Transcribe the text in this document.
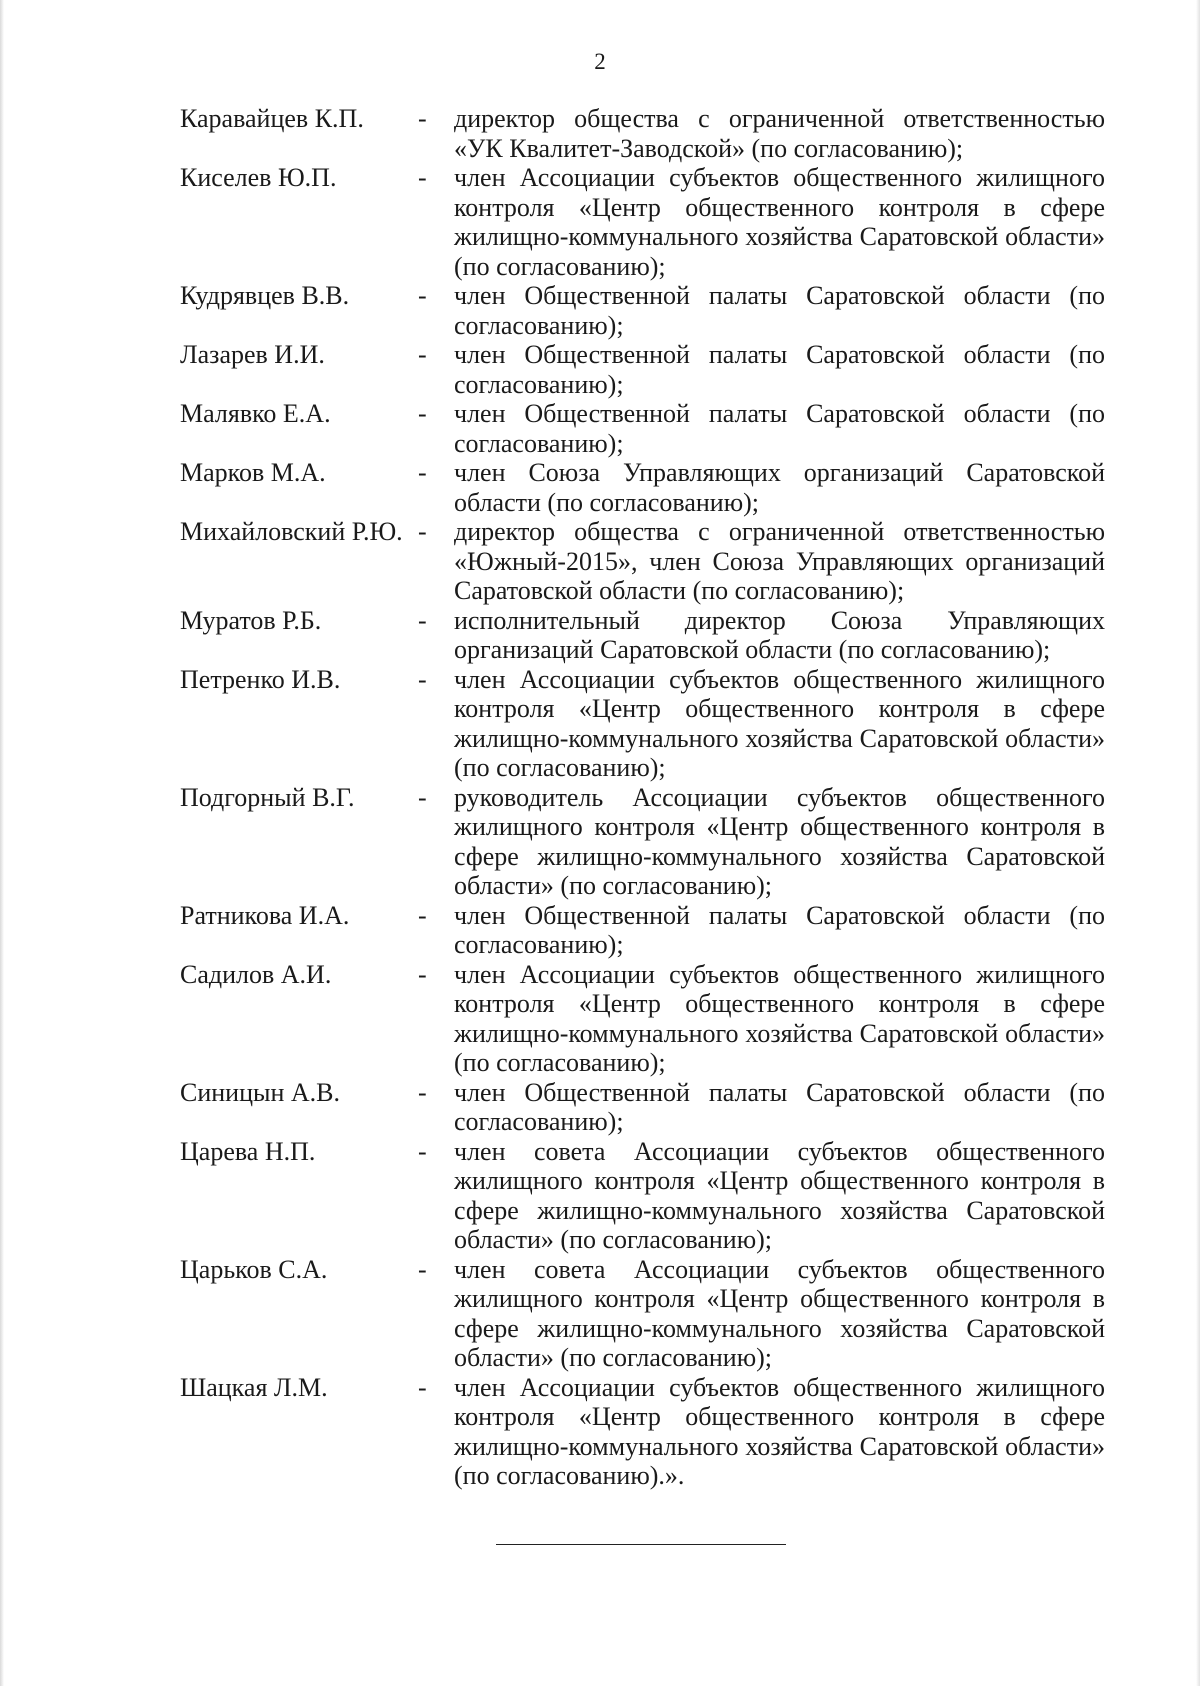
2
Каравайцев К.П.	-	директор общества с ограниченной ответственностью «УК Квалитет-Заводской» (по согласованию);
Киселев Ю.П.	-	член Ассоциации субъектов общественного жилищного контроля «Центр общественного контроля в сфере жилищно-коммунального хозяйства Саратовской области» (по согласованию);
Кудрявцев В.В.	-	член Общественной палаты Саратовской области (по согласованию);
Лазарев И.И.	-	член Общественной палаты Саратовской области (по согласованию);
Малявко Е.А.	-	член Общественной палаты Саратовской области (по согласованию);
Марков М.А.	-	член Союза Управляющих организаций Саратовской области (по согласованию);
Михайловский Р.Ю. -	директор общества с ограниченной ответственностью «Южный-2015», член Союза Управляющих организаций Саратовской области (по согласованию);
Муратов Р.Б.	-	исполнительный директор Союза Управляющих организаций Саратовской области (по согласованию);
Петренко И.В.	-	член Ассоциации субъектов общественного жилищного контроля «Центр общественного контроля в сфере жилищно-коммунального хозяйства Саратовской области» (по согласованию);
Подгорный В.Г.	-	руководитель Ассоциации субъектов общественного жилищного контроля «Центр общественного контроля в сфере жилищно-коммунального хозяйства Саратовской области» (по согласованию);
Ратникова И.А.	-	член Общественной палаты Саратовской области (по согласованию);
Садилов А.И.	-	член Ассоциации субъектов общественного жилищного контроля «Центр общественного контроля в сфере жилищно-коммунального хозяйства Саратовской области» (по согласованию);
Синицын А.В.	-	член Общественной палаты Саратовской области (по согласованию);
Царева Н.П.	-	член совета Ассоциации субъектов общественного жилищного контроля «Центр общественного контроля в сфере жилищно-коммунального хозяйства Саратовской области» (по согласованию);
Царьков С.А.	-	член совета Ассоциации субъектов общественного жилищного контроля «Центр общественного контроля в сфере жилищно-коммунального хозяйства Саратовской области» (по согласованию);
Шацкая Л.М.	-	член Ассоциации субъектов общественного жилищного контроля «Центр общественного контроля в сфере жилищно-коммунального хозяйства Саратовской области» (по согласованию).».
